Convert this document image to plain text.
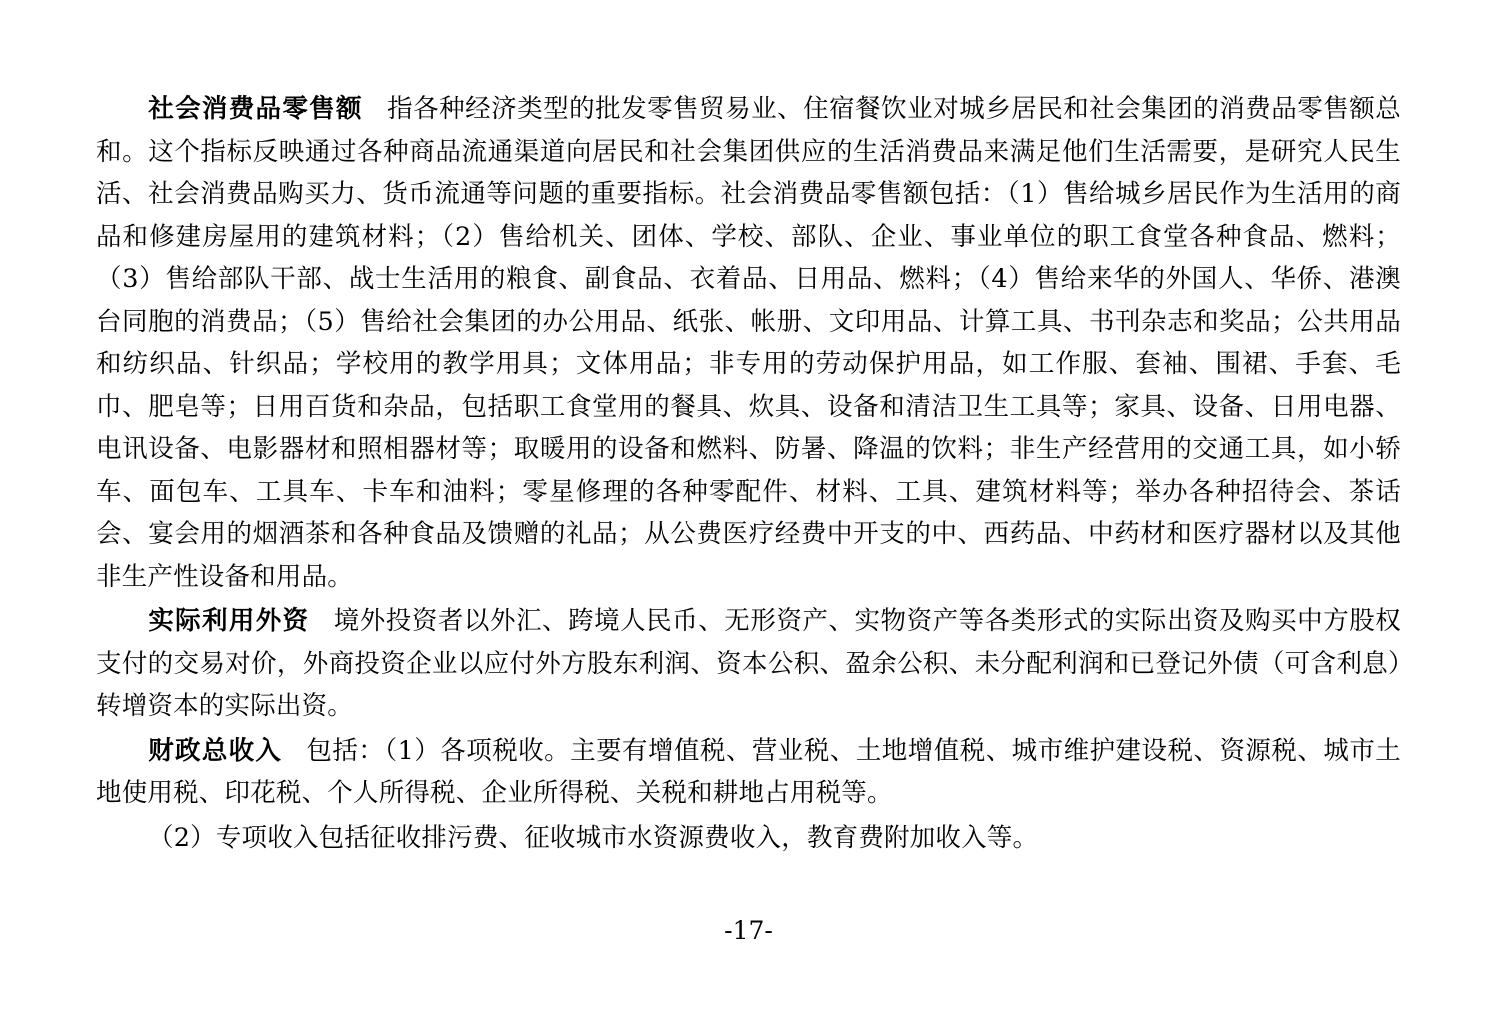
社会消费品零售额 指各种经济类型的批发零售贸易业、住宿餐饮业对城乡居民和社会集团的消费品零售额总和。这个指标反映通过各种商品流通渠道向居民和社会集团供应的生活消费品来满足他们生活需要，是研究人民生活、社会消费品购买力、货币流通等问题的重要指标。社会消费品零售额包括：（1）售给城乡居民作为生活用的商品和修建房屋用的建筑材料；（2）售给机关、团体、学校、部队、企业、事业单位的职工食堂各种食品、燃料；（3）售给部队干部、战士生活用的粮食、副食品、衣着品、日用品、燃料；（4）售给来华的外国人、华侨、港澳台同胞的消费品；（5）售给社会集团的办公用品、纸张、帐册、文印用品、计算工具、书刊杂志和奖品；公共用品和纺织品、针织品；学校用的教学用具；文体用品；非专用的劳动保护用品，如工作服、套袖、围裙、手套、毛巾、肥皂等；日用百货和杂品，包括职工食堂用的餐具、炊具、设备和清洁卫生工具等；家具、设备、日用电器、电讯设备、电影器材和照相器材等；取暖用的设备和燃料、防暑、降温的饮料；非生产经营用的交通工具，如小轿车、面包车、工具车、卡车和油料；零星修理的各种零配件、材料、工具、建筑材料等；举办各种招待会、茶话会、宴会用的烟酒茶和各种食品及馈赠的礼品；从公费医疗经费中开支的中、西药品、中药材和医疗器材以及其他非生产性设备和用品。

实际利用外资 境外投资者以外汇、跨境人民币、无形资产、实物资产等各类形式的实际出资及购买中方股权支付的交易对价，外商投资企业以应付外方股东利润、资本公积、盈余公积、未分配利润和已登记外债（可含利息）转增资本的实际出资。

财政总收入 包括：（1）各项税收。主要有增值税、营业税、土地增值税、城市维护建设税、资源税、城市土地使用税、印花税、个人所得税、企业所得税、关税和耕地占用税等。

（2）专项收入包括征收排污费、征收城市水资源费收入，教育费附加收入等。

-17-
